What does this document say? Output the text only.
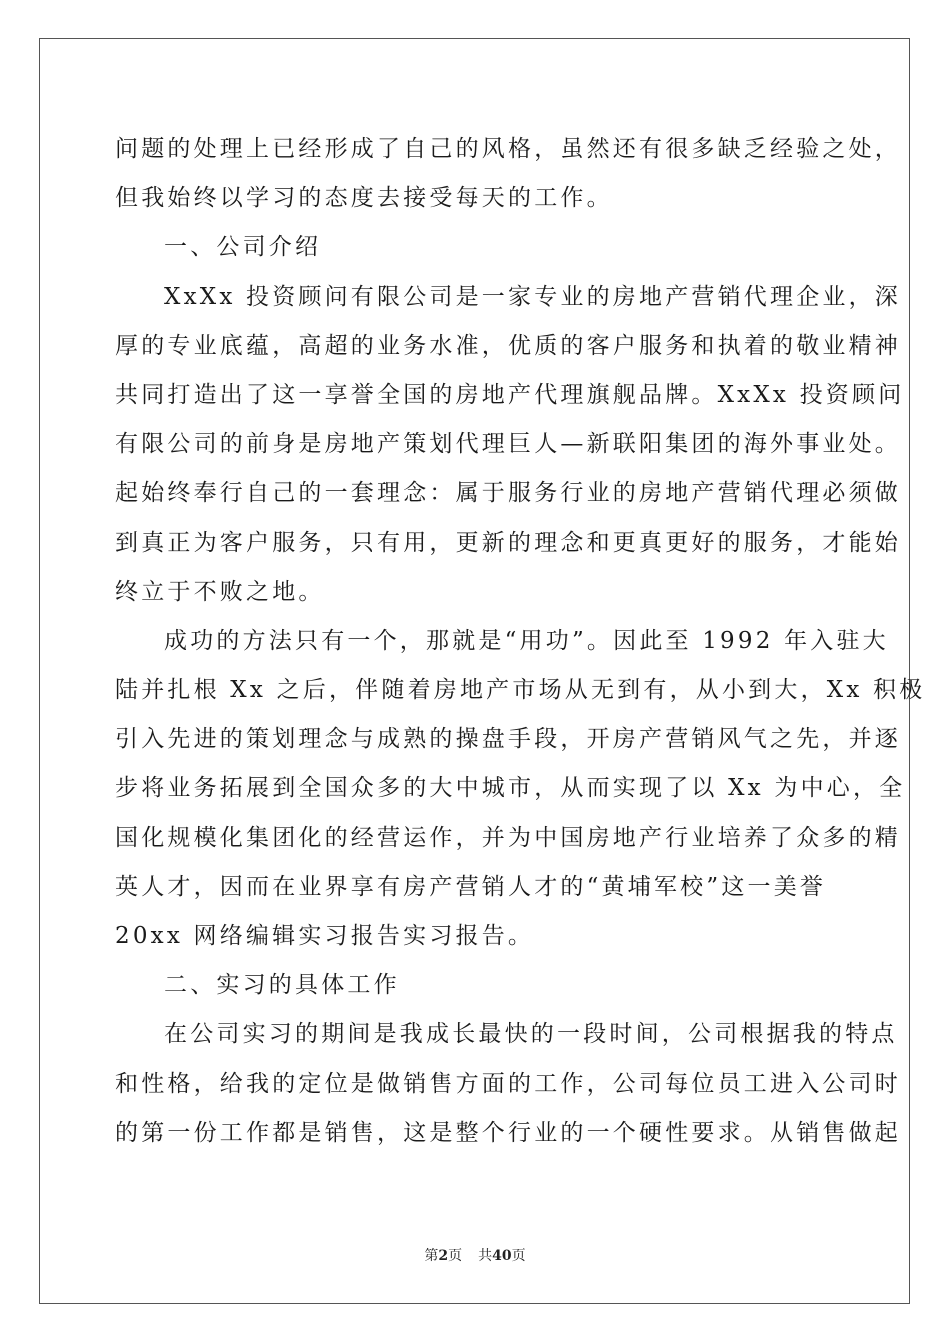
问题的处理上已经形成了自己的风格，虽然还有很多缺乏经验之处，
但我始终以学习的态度去接受每天的工作。
一、公司介绍
XxXx 投资顾问有限公司是一家专业的房地产营销代理企业，深
厚的专业底蕴，高超的业务水准，优质的客户服务和执着的敬业精神
共同打造出了这一享誉全国的房地产代理旗舰品牌。XxXx 投资顾问
有限公司的前身是房地产策划代理巨人—新联阳集团的海外事业处。
起始终奉行自己的一套理念：属于服务行业的房地产营销代理必须做
到真正为客户服务，只有用，更新的理念和更真更好的服务，才能始
终立于不败之地。
成功的方法只有一个，那就是“用功”。因此至 1992 年入驻大
陆并扎根 Xx 之后，伴随着房地产市场从无到有，从小到大，Xx 积极
引入先进的策划理念与成熟的操盘手段，开房产营销风气之先，并逐
步将业务拓展到全国众多的大中城市，从而实现了以 Xx 为中心，全
国化规模化集团化的经营运作，并为中国房地产行业培养了众多的精
英人才，因而在业界享有房产营销人才的“黄埔军校”这一美誉
20xx 网络编辑实习报告实习报告。
二、实习的具体工作
在公司实习的期间是我成长最快的一段时间，公司根据我的特点
和性格，给我的定位是做销售方面的工作，公司每位员工进入公司时
的第一份工作都是销售，这是整个行业的一个硬性要求。从销售做起
第2页 共40页
